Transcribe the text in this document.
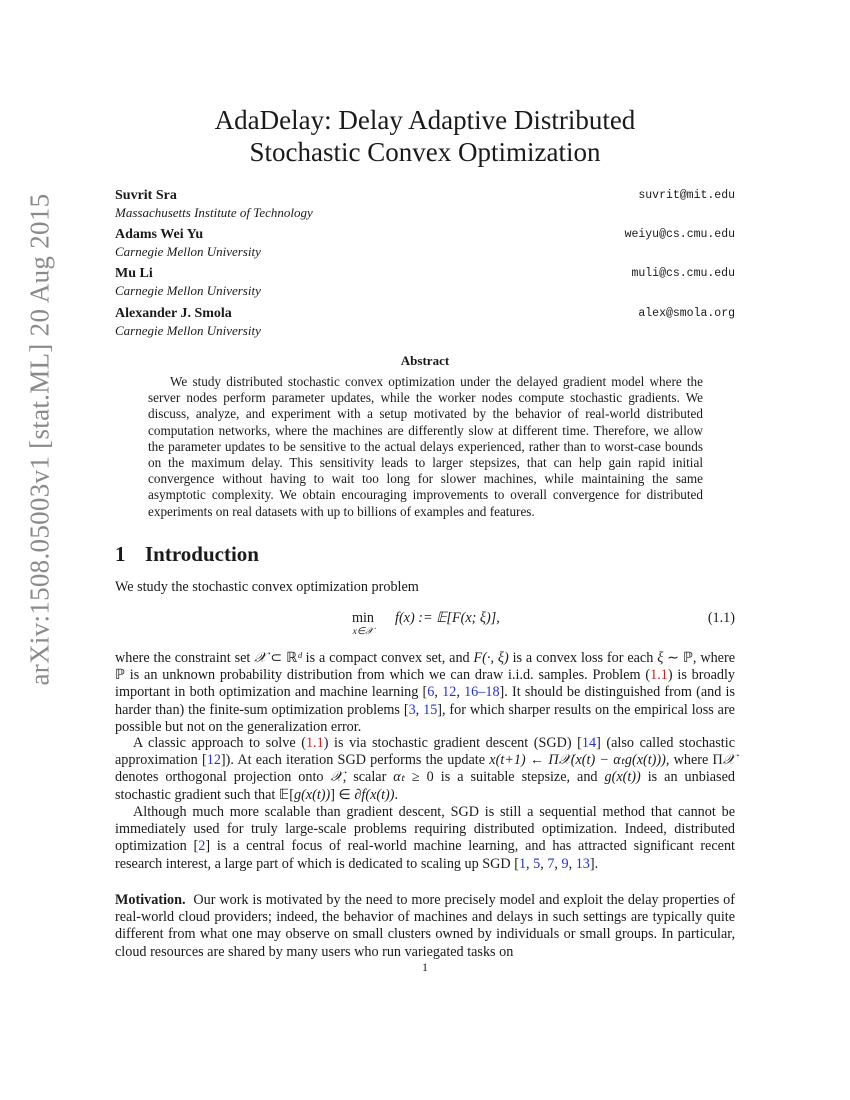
arXiv:1508.05003v1 [stat.ML] 20 Aug 2015
AdaDelay: Delay Adaptive Distributed
Stochastic Convex Optimization
Suvrit Sra
Massachusetts Institute of Technology
suvrit@mit.edu
Adams Wei Yu
Carnegie Mellon University
weiyu@cs.cmu.edu
Mu Li
Carnegie Mellon University
muli@cs.cmu.edu
Alexander J. Smola
Carnegie Mellon University
alex@smola.org
Abstract
We study distributed stochastic convex optimization under the delayed gradient model where the server nodes perform parameter updates, while the worker nodes compute stochastic gradients. We discuss, analyze, and experiment with a setup motivated by the behavior of real-world distributed computation networks, where the machines are differently slow at different time. Therefore, we allow the parameter updates to be sensitive to the actual delays experienced, rather than to worst-case bounds on the maximum delay. This sensitivity leads to larger stepsizes, that can help gain rapid initial convergence without having to wait too long for slower machines, while maintaining the same asymptotic complexity. We obtain encouraging improvements to overall convergence for distributed experiments on real datasets with up to billions of examples and features.
1 Introduction
We study the stochastic convex optimization problem
min
x∈𝒳
f(x) := 𝔼[F(x; ξ)],	(1.1)
where the constraint set 𝒳 ⊂ ℝᵈ is a compact convex set, and F(·, ξ) is a convex loss for each ξ ∼ ℙ, where ℙ is an unknown probability distribution from which we can draw i.i.d. samples. Problem (1.1) is broadly important in both optimization and machine learning [6, 12, 16–18]. It should be distinguished from (and is harder than) the finite-sum optimization problems [3, 15], for which sharper results on the empirical loss are possible but not on the generalization error.
A classic approach to solve (1.1) is via stochastic gradient descent (SGD) [14] (also called stochastic approximation [12]). At each iteration SGD performs the update x(t+1) ← Π𝒳(x(t) − αₜg(x(t))), where Π𝒳 denotes orthogonal projection onto 𝒳, scalar αₜ ≥ 0 is a suitable stepsize, and g(x(t)) is an unbiased stochastic gradient such that 𝔼[g(x(t))] ∈ ∂f(x(t)).
Although much more scalable than gradient descent, SGD is still a sequential method that cannot be immediately used for truly large-scale problems requiring distributed optimization. Indeed, distributed optimization [2] is a central focus of real-world machine learning, and has attracted significant recent research interest, a large part of which is dedicated to scaling up SGD [1, 5, 7, 9, 13].
Motivation. Our work is motivated by the need to more precisely model and exploit the delay properties of real-world cloud providers; indeed, the behavior of machines and delays in such settings are typically quite different from what one may observe on small clusters owned by individuals or small groups. In particular, cloud resources are shared by many users who run variegated tasks on
1
